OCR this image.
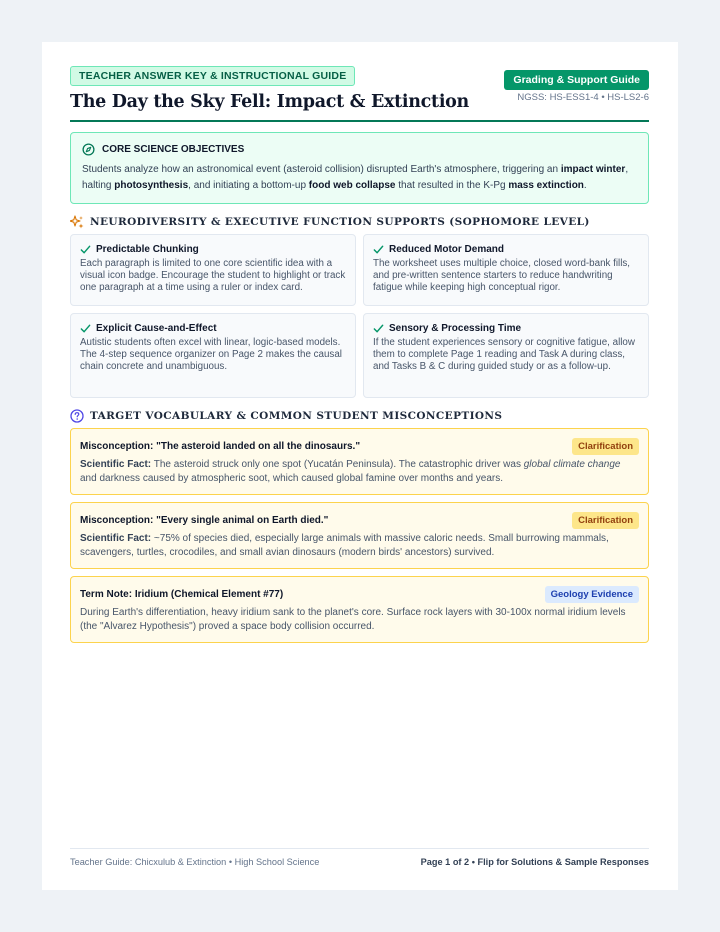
TEACHER ANSWER KEY & INSTRUCTIONAL GUIDE
The Day the Sky Fell: Impact & Extinction
Grading & Support Guide
NGSS: HS-ESS1-4 • HS-LS2-6
CORE SCIENCE OBJECTIVES
Students analyze how an astronomical event (asteroid collision) disrupted Earth's atmosphere, triggering an impact winter, halting photosynthesis, and initiating a bottom-up food web collapse that resulted in the K-Pg mass extinction.
NEURODIVERSITY & EXECUTIVE FUNCTION SUPPORTS (SOPHOMORE LEVEL)
Predictable Chunking
Each paragraph is limited to one core scientific idea with a visual icon badge. Encourage the student to highlight or track one paragraph at a time using a ruler or index card.
Reduced Motor Demand
The worksheet uses multiple choice, closed word-bank fills, and pre-written sentence starters to reduce handwriting fatigue while keeping high conceptual rigor.
Explicit Cause-and-Effect
Autistic students often excel with linear, logic-based models. The 4-step sequence organizer on Page 2 makes the causal chain concrete and unambiguous.
Sensory & Processing Time
If the student experiences sensory or cognitive fatigue, allow them to complete Page 1 reading and Task A during class, and Tasks B & C during guided study or as a follow-up.
TARGET VOCABULARY & COMMON STUDENT MISCONCEPTIONS
Misconception: "The asteroid landed on all the dinosaurs."	Clarification
Scientific Fact: The asteroid struck only one spot (Yucatán Peninsula). The catastrophic driver was global climate change and darkness caused by atmospheric soot, which caused global famine over months and years.
Misconception: "Every single animal on Earth died."	Clarification
Scientific Fact: ~75% of species died, especially large animals with massive caloric needs. Small burrowing mammals, scavengers, turtles, crocodiles, and small avian dinosaurs (modern birds' ancestors) survived.
Term Note: Iridium (Chemical Element #77)	Geology Evidence
During Earth's differentiation, heavy iridium sank to the planet's core. Surface rock layers with 30-100x normal iridium levels (the "Alvarez Hypothesis") proved a space body collision occurred.
Teacher Guide: Chicxulub & Extinction • High School Science	Page 1 of 2 • Flip for Solutions & Sample Responses
